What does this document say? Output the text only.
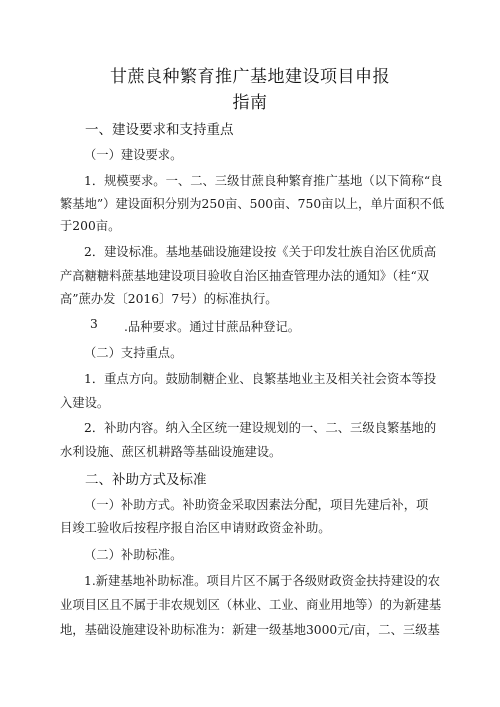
甘蔗良种繁育推广基地建设项目申报
指南
一、建设要求和支持重点
（一）建设要求。
1．规模要求。一、二、三级甘蔗良种繁育推广基地（以下简称“良
繁基地”）建设面积分别为250亩、500亩、750亩以上，单片面积不低
于200亩。
2．建设标准。基地基础设施建设按《关于印发壮族自治区优质高
产高糖糖料蔗基地建设项目验收自治区抽查管理办法的通知》（桂“双
高”蔗办发〔2016〕7号）的标准执行。
3 .品种要求。通过甘蔗品种登记。
（二）支持重点。
1．重点方向。鼓励制糖企业、良繁基地业主及相关社会资本等投
入建设。
2．补助内容。纳入全区统一建设规划的一、二、三级良繁基地的
水利设施、蔗区机耕路等基础设施建设。
二、补助方式及标准
（一）补助方式。补助资金采取因素法分配，项目先建后补，项
目竣工验收后按程序报自治区申请财政资金补助。
（二）补助标准。
1.新建基地补助标准。项目片区不属于各级财政资金扶持建设的农
业项目区且不属于非农规划区（林业、工业、商业用地等）的为新建基
地，基础设施建设补助标准为：新建一级基地3000元/亩，二、三级基
